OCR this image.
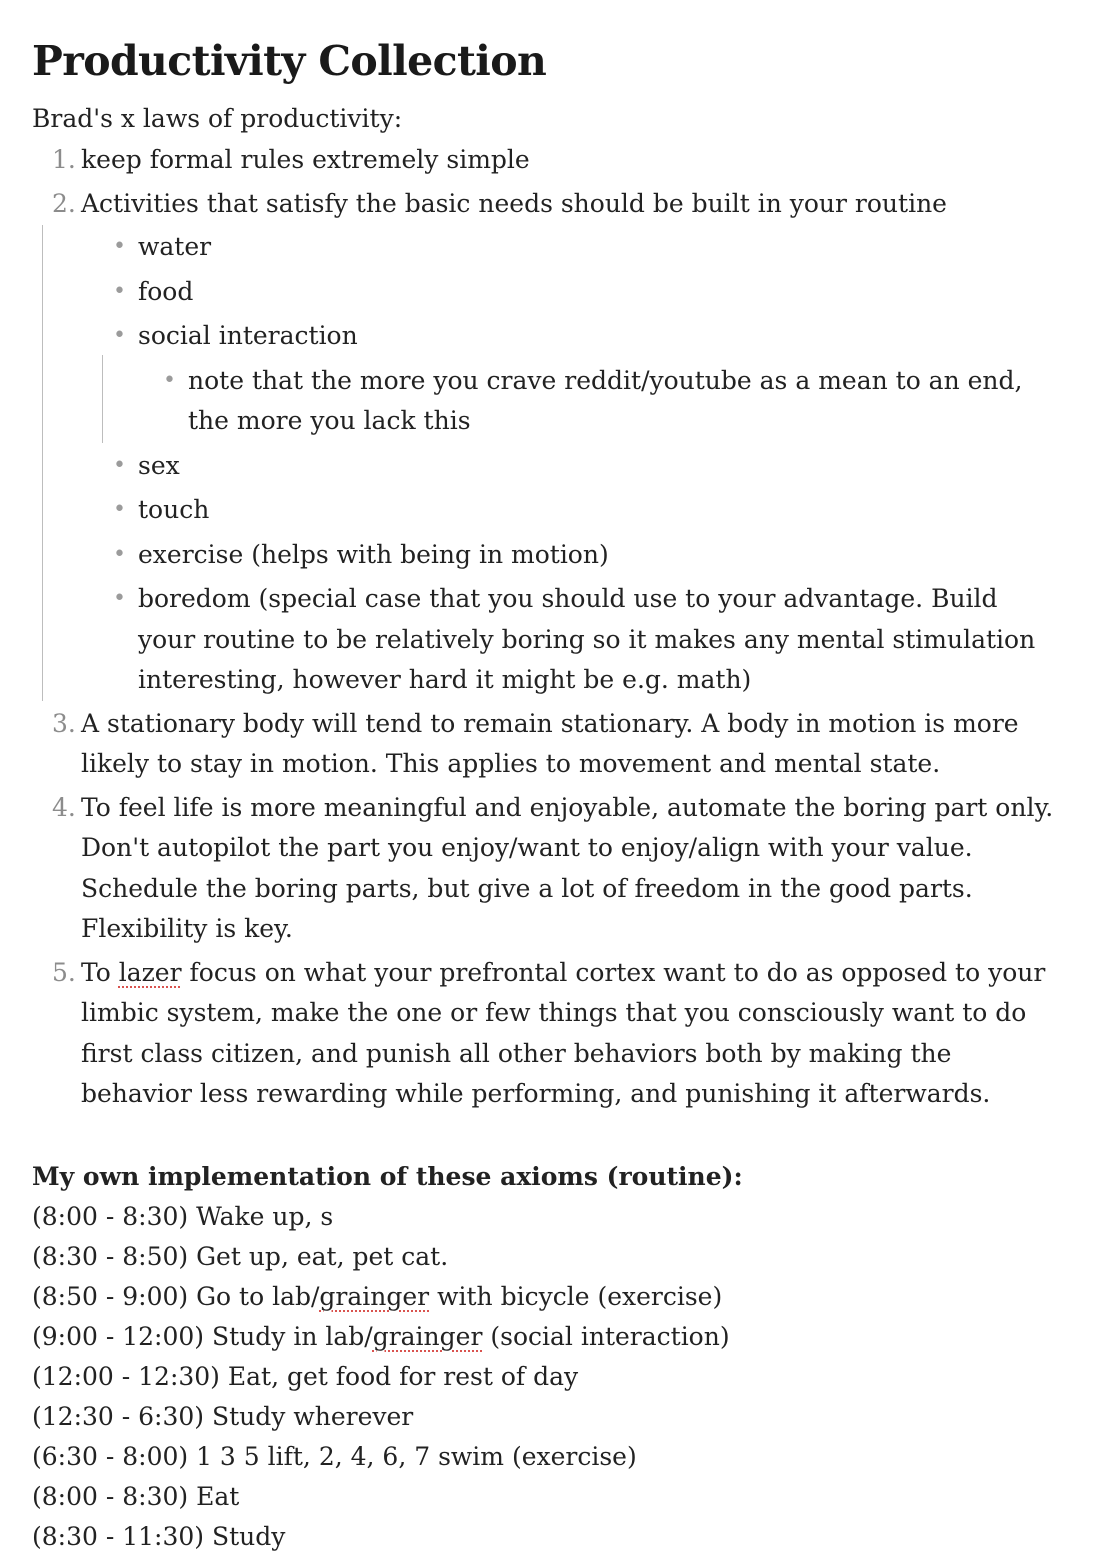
Productivity Collection
Brad's x laws of productivity:
1. keep formal rules extremely simple
2. Activities that satisfy the basic needs should be built in your routine
• water
• food
• social interaction
• note that the more you crave reddit/youtube as a mean to an end, the more you lack this
• sex
• touch
• exercise (helps with being in motion)
• boredom (special case that you should use to your advantage. Build your routine to be relatively boring so it makes any mental stimulation interesting, however hard it might be e.g. math)
3. A stationary body will tend to remain stationary. A body in motion is more likely to stay in motion. This applies to movement and mental state.
4. To feel life is more meaningful and enjoyable, automate the boring part only. Don't autopilot the part you enjoy/want to enjoy/align with your value. Schedule the boring parts, but give a lot of freedom in the good parts. Flexibility is key.
5. To lazer focus on what your prefrontal cortex want to do as opposed to your limbic system, make the one or few things that you consciously want to do first class citizen, and punish all other behaviors both by making the behavior less rewarding while performing, and punishing it afterwards.
My own implementation of these axioms (routine):
(8:00 - 8:30) Wake up, s
(8:30 - 8:50) Get up, eat, pet cat.
(8:50 - 9:00) Go to lab/grainger with bicycle (exercise)
(9:00 - 12:00) Study in lab/grainger (social interaction)
(12:00 - 12:30) Eat, get food for rest of day
(12:30 - 6:30) Study wherever
(6:30 - 8:00) 1 3 5 lift, 2, 4, 6, 7 swim (exercise)
(8:00 - 8:30) Eat
(8:30 - 11:30) Study
